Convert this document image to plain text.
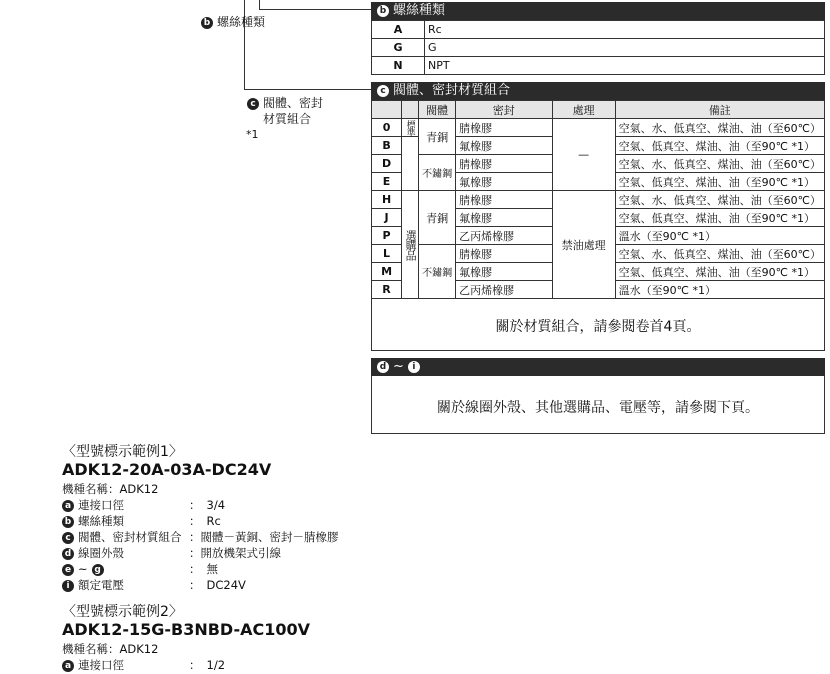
b 螺絲種類
c 閥體、密封
材質組合
*1
b 螺絲種類
A	Rc
G	G
N	NPT
c 閥體、密封材質組合
		閥體	密封	處理	備註
0	標準	青銅	腈橡膠	—	空氣、水、低真空、煤油、油（至60℃）
B			氟橡膠		空氣、低真空、煤油、油（至90℃ *1）
D		不鏽鋼	腈橡膠		空氣、水、低真空、煤油、油（至60℃）
E			氟橡膠		空氣、低真空、煤油、油（至90℃ *1）
H	選購品	青銅	腈橡膠	禁油處理	空氣、水、低真空、煤油、油（至60℃）
J			氟橡膠		空氣、低真空、煤油、油（至90℃ *1）
P			乙丙烯橡膠		溫水（至90℃ *1）
L		不鏽鋼	腈橡膠		空氣、水、低真空、煤油、油（至60℃）
M			氟橡膠		空氣、低真空、煤油、油（至90℃ *1）
R			乙丙烯橡膠		溫水（至90℃ *1）
關於材質組合，請參閱卷首4頁。
d ~ i
關於線圈外殼、其他選購品、電壓等，請參閱下頁。
〈型號標示範例1〉
ADK12-20A-03A-DC24V
機種名稱：ADK12
a 連接口徑	： 3/4
b 螺絲種類	： Rc
c 閥體、密封材質組合 ：閥體－黃銅、密封－腈橡膠
d 線圈外殼	：開放機架式引線
e ~ g	： 無
i 額定電壓	： DC24V
〈型號標示範例2〉
ADK12-15G-B3NBD-AC100V
機種名稱：ADK12
a 連接口徑	： 1/2
